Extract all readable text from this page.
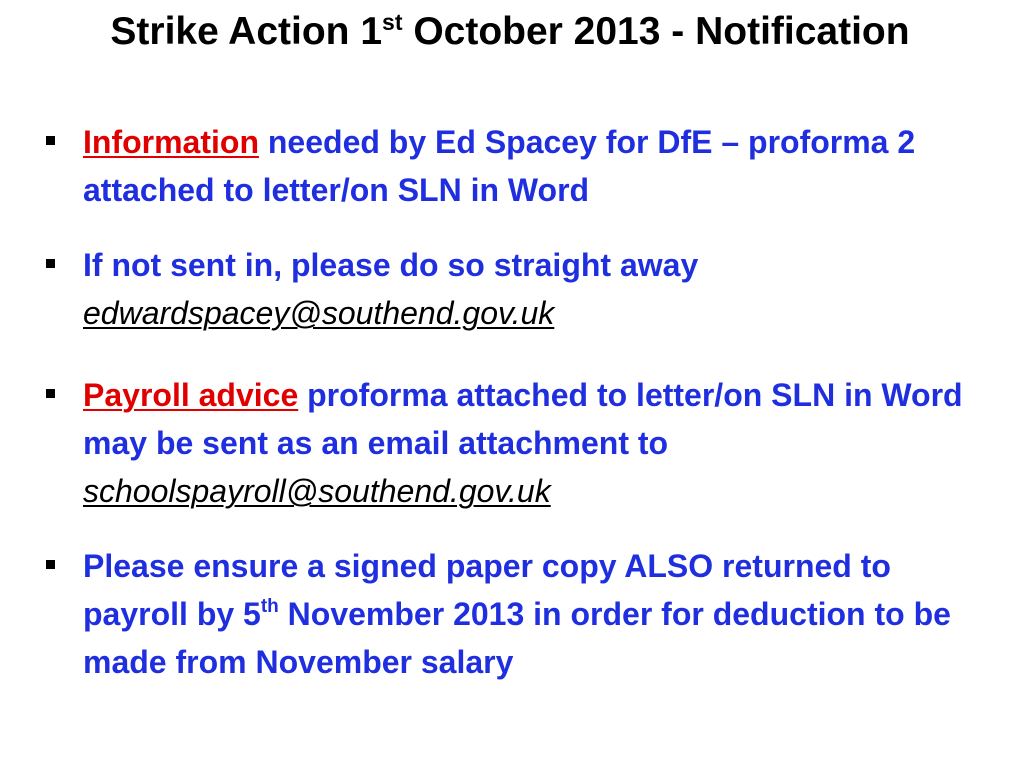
Strike Action 1st October 2013 - Notification
Information needed by Ed Spacey for DfE – proforma 2 attached to letter/on SLN in Word
If not sent in, please do so straight away
edwardspacey@southend.gov.uk
Payroll advice proforma attached to letter/on SLN in Word may be sent as an email attachment to schoolspayroll@southend.gov.uk
Please ensure a signed paper copy ALSO returned to payroll by 5th November 2013 in order for deduction to be made from November salary
